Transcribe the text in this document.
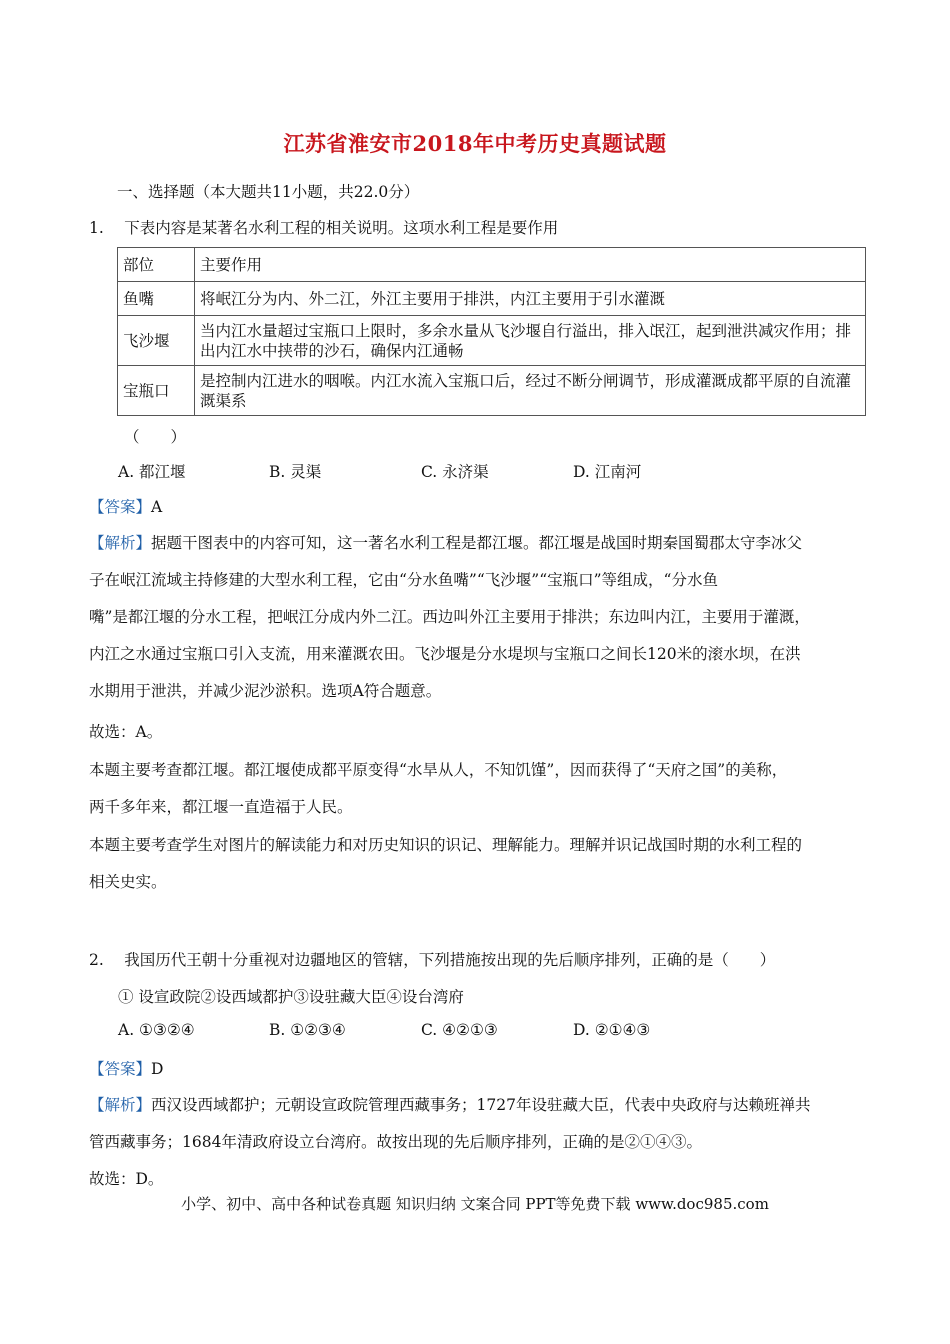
江苏省淮安市2018年中考历史真题试题
一、选择题（本大题共11小题，共22.0分）
1.　 下表内容是某著名水利工程的相关说明。这项水利工程是要作用
部位	主要作用
鱼嘴	将岷江分为内、外二江，外江主要用于排洪，内江主要用于引水灌溉
飞沙堰	当内江水量超过宝瓶口上限时，多余水量从飞沙堰自行溢出，排入氓江，起到泄洪减灾作用；排出内江水中挟带的沙石，确保内江通畅
宝瓶口	是控制内江进水的咽喉。内江水流入宝瓶口后，经过不断分闸调节，形成灌溉成都平原的自流灌溉渠系
（　　）
A. 都江堰	B. 灵渠	C. 永济渠	D. 江南河
【答案】A
【解析】据题干图表中的内容可知，这一著名水利工程是都江堰。都江堰是战国时期秦国蜀郡太守李冰父
子在岷江流域主持修建的大型水利工程，它由“分水鱼嘴”“飞沙堰”“宝瓶口”等组成，“分水鱼
嘴”是都江堰的分水工程，把岷江分成内外二江。西边叫外江主要用于排洪；东边叫内江，主要用于灌溉，
内江之水通过宝瓶口引入支流，用来灌溉农田。飞沙堰是分水堤坝与宝瓶口之间长120米的滚水坝，在洪
水期用于泄洪，并减少泥沙淤积。选项A符合题意。
故选：A。
本题主要考查都江堰。都江堰使成都平原变得“水旱从人，不知饥馑”，因而获得了“天府之国”的美称，
两千多年来，都江堰一直造福于人民。
本题主要考查学生对图片的解读能力和对历史知识的识记、理解能力。理解并识记战国时期的水利工程的
相关史实。
2.　 我国历代王朝十分重视对边疆地区的管辖，下列措施按出现的先后顺序排列，正确的是（　　）
① 设宣政院②设西域都护③设驻藏大臣④设台湾府
A. ①③②④	B. ①②③④	C. ④②①③	D. ②①④③
【答案】D
【解析】西汉设西域都护；元朝设宣政院管理西藏事务；1727年设驻藏大臣，代表中央政府与达赖班禅共
管西藏事务；1684年清政府设立台湾府。故按出现的先后顺序排列，正确的是②①④③。
故选：D。
小学、初中、高中各种试卷真题 知识归纳 文案合同 PPT等免费下载 www.doc985.com
